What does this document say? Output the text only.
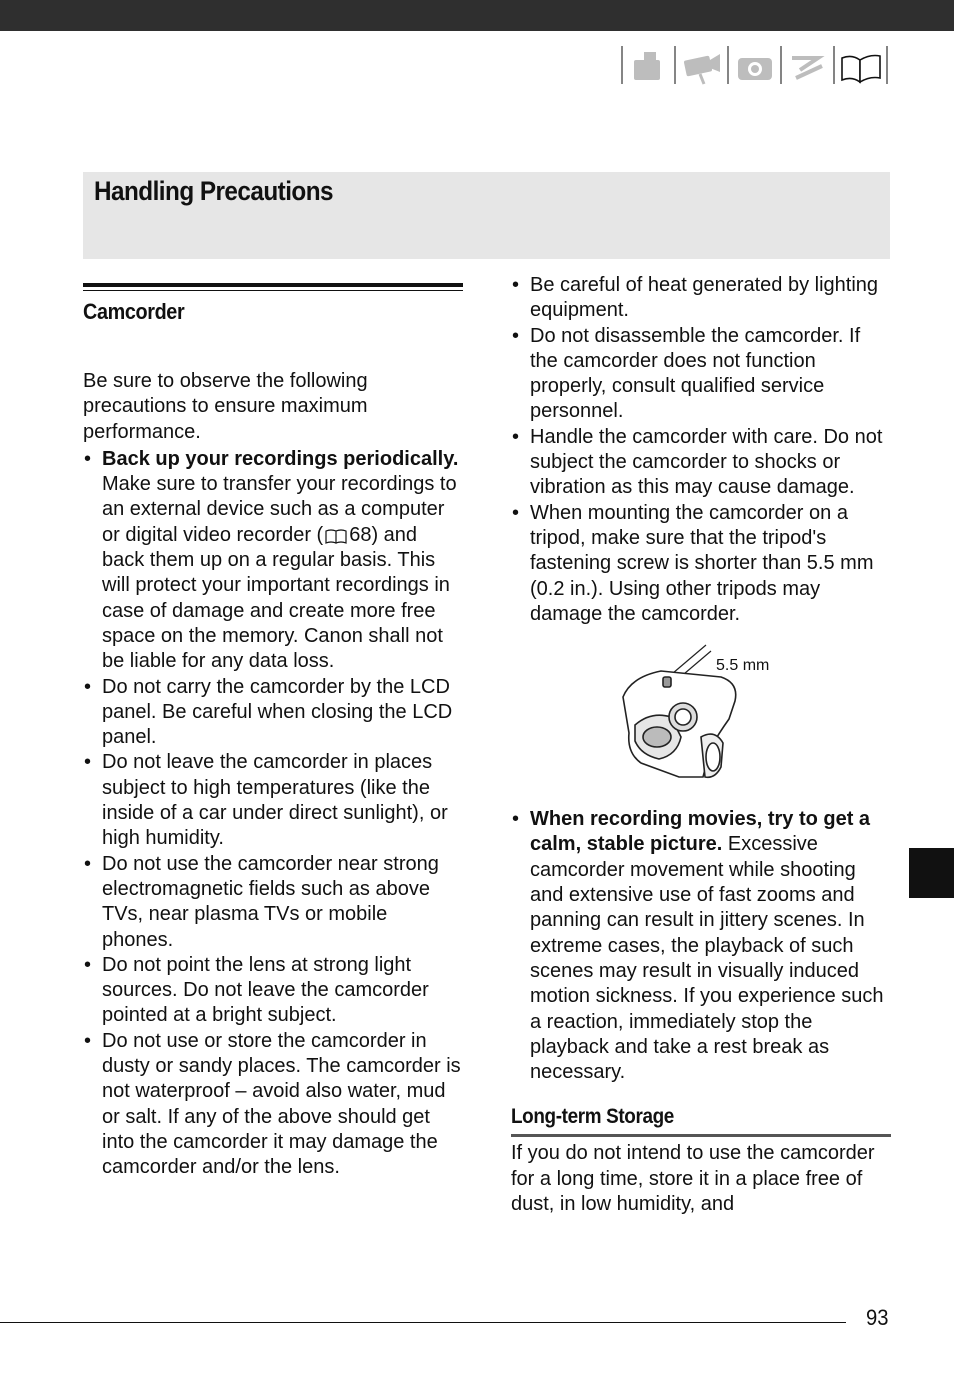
Handling Precautions
Camcorder

Be sure to observe the following precautions to ensure maximum performance.

• Back up your recordings periodically. Make sure to transfer your recordings to an external device such as a computer or digital video recorder ( 68) and back them up on a regular basis. This will protect your important recordings in case of damage and create more free space on the memory. Canon shall not be liable for any data loss.
• Do not carry the camcorder by the LCD panel. Be careful when closing the LCD panel.
• Do not leave the camcorder in places subject to high temperatures (like the inside of a car under direct sunlight), or high humidity.
• Do not use the camcorder near strong electromagnetic fields such as above TVs, near plasma TVs or mobile phones.
• Do not point the lens at strong light sources. Do not leave the camcorder pointed at a bright subject.
• Do not use or store the camcorder in dusty or sandy places. The camcorder is not waterproof – avoid also water, mud or salt. If any of the above should get into the camcorder it may damage the camcorder and/or the lens.
• Be careful of heat generated by lighting equipment.
• Do not disassemble the camcorder. If the camcorder does not function properly, consult qualified service personnel.
• Handle the camcorder with care. Do not subject the camcorder to shocks or vibration as this may cause damage.
• When mounting the camcorder on a tripod, make sure that the tripod's fastening screw is shorter than 5.5 mm (0.2 in.). Using other tripods may damage the camcorder.
5.5 mm
• When recording movies, try to get a calm, stable picture. Excessive camcorder movement while shooting and extensive use of fast zooms and panning can result in jittery scenes. In extreme cases, the playback of such scenes may result in visually induced motion sickness. If you experience such a reaction, immediately stop the playback and take a rest break as necessary.
Long-term Storage

If you do not intend to use the camcorder for a long time, store it in a place free of dust, in low humidity, and

93
